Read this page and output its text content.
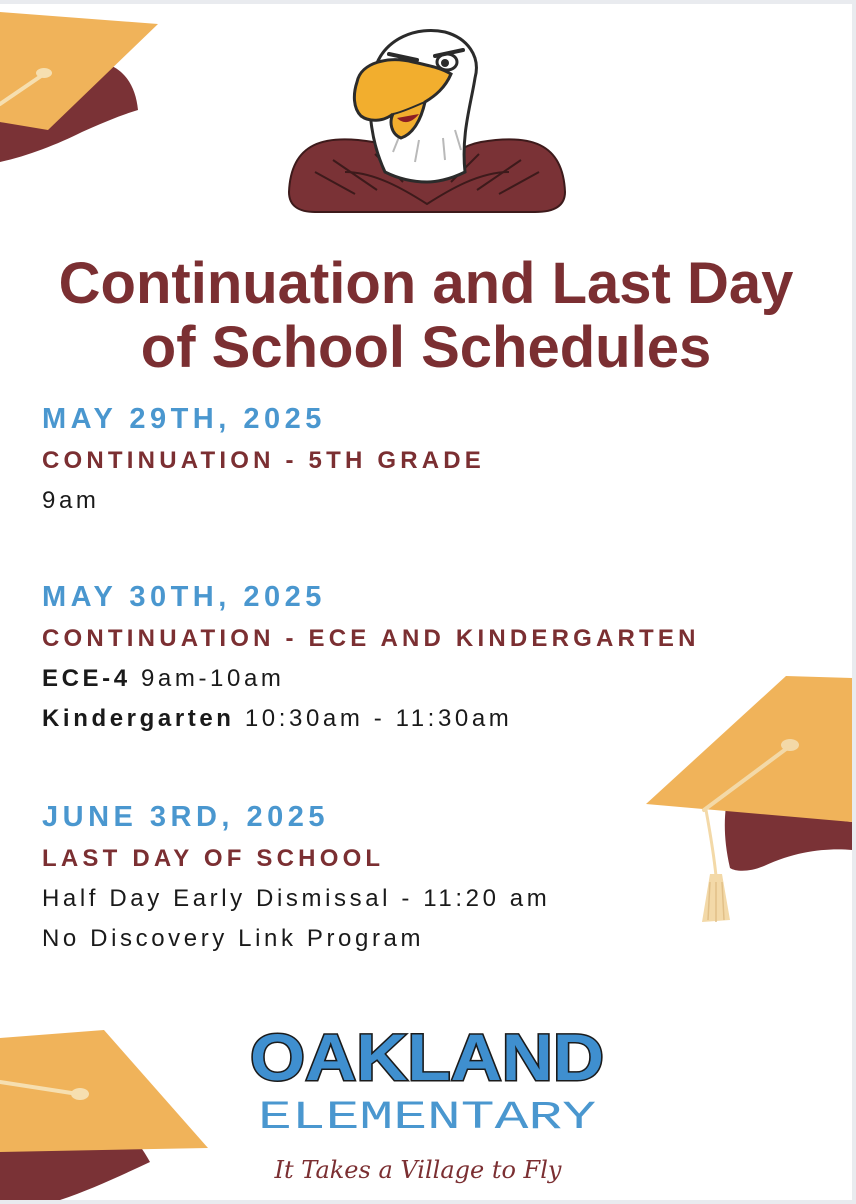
Continuation and Last Day
of School Schedules
MAY 29TH, 2025
CONTINUATION - 5TH GRADE
9am
MAY 30TH, 2025
CONTINUATION - ECE AND KINDERGARTEN
ECE-4 9am-10am
Kindergarten 10:30am - 11:30am
JUNE 3RD, 2025
LAST DAY OF SCHOOL
Half Day Early Dismissal - 11:20 am
No Discovery Link Program
OAKLAND
ELEMENTARY
It Takes a Village to Fly
